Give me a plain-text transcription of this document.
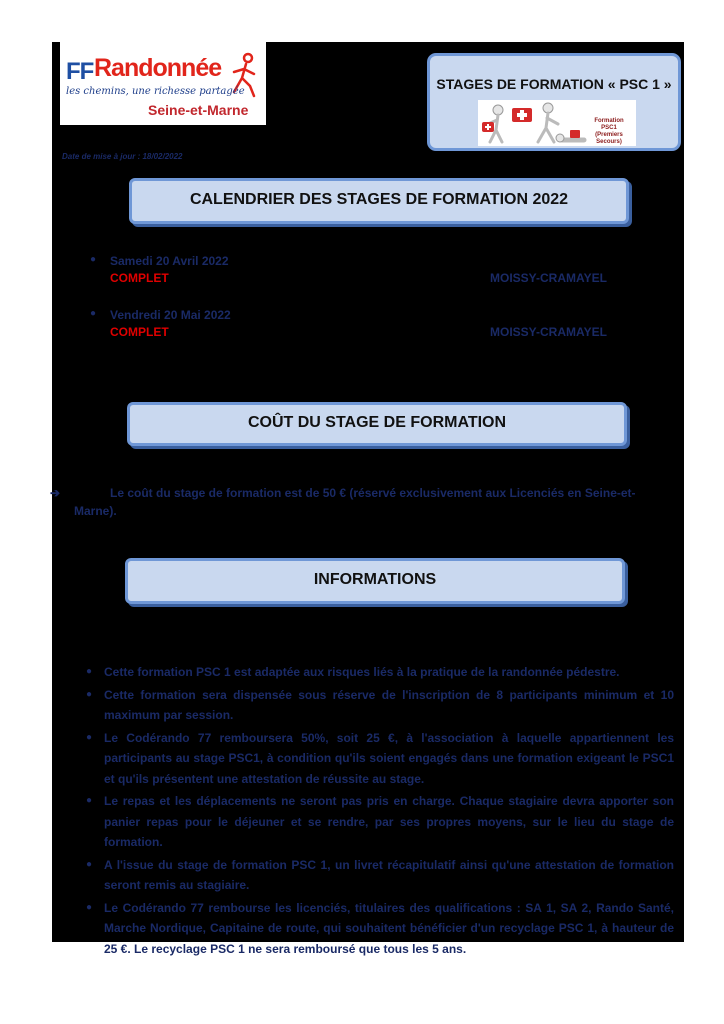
FF Randonnée
les chemins, une richesse partagée
Seine-et-Marne
STAGES DE FORMATION « PSC 1 »
Formation PSC1
(Premiers Secours)
Date de mise à jour : 18/02/2022
CALENDRIER DES STAGES DE FORMATION 2022
● Samedi 20 Avril 2022
COMPLET	MOISSY-CRAMAYEL
● Vendredi 20 Mai 2022
COMPLET	MOISSY-CRAMAYEL
COÛT DU STAGE DE FORMATION
➔	Le coût du stage de formation est de 50 € (réservé exclusivement aux Licenciés en Seine-et-
Marne).
INFORMATIONS
● Cette formation PSC 1 est adaptée aux risques liés à la pratique de la randonnée pédestre.
● Cette formation sera dispensée sous réserve de l'inscription de 8 participants minimum et 10 maximum par session.
● Le Codérando 77 remboursera 50%, soit 25 €, à l'association à laquelle appartiennent les participants au stage PSC1, à condition qu'ils soient engagés dans une formation exigeant le PSC1 et qu'ils présentent une attestation de réussite au stage.
● Le repas et les déplacements ne seront pas pris en charge. Chaque stagiaire devra apporter son panier repas pour le déjeuner et se rendre, par ses propres moyens, sur le lieu du stage de formation.
● A l'issue du stage de formation PSC 1, un livret récapitulatif ainsi qu'une attestation de formation seront remis au stagiaire.
● Le Codérando 77 rembourse les licenciés, titulaires des qualifications : SA 1, SA 2, Rando Santé, Marche Nordique, Capitaine de route, qui souhaitent bénéficier d'un recyclage PSC 1, à hauteur de 25 €. Le recyclage PSC 1 ne sera remboursé que tous les 5 ans.
